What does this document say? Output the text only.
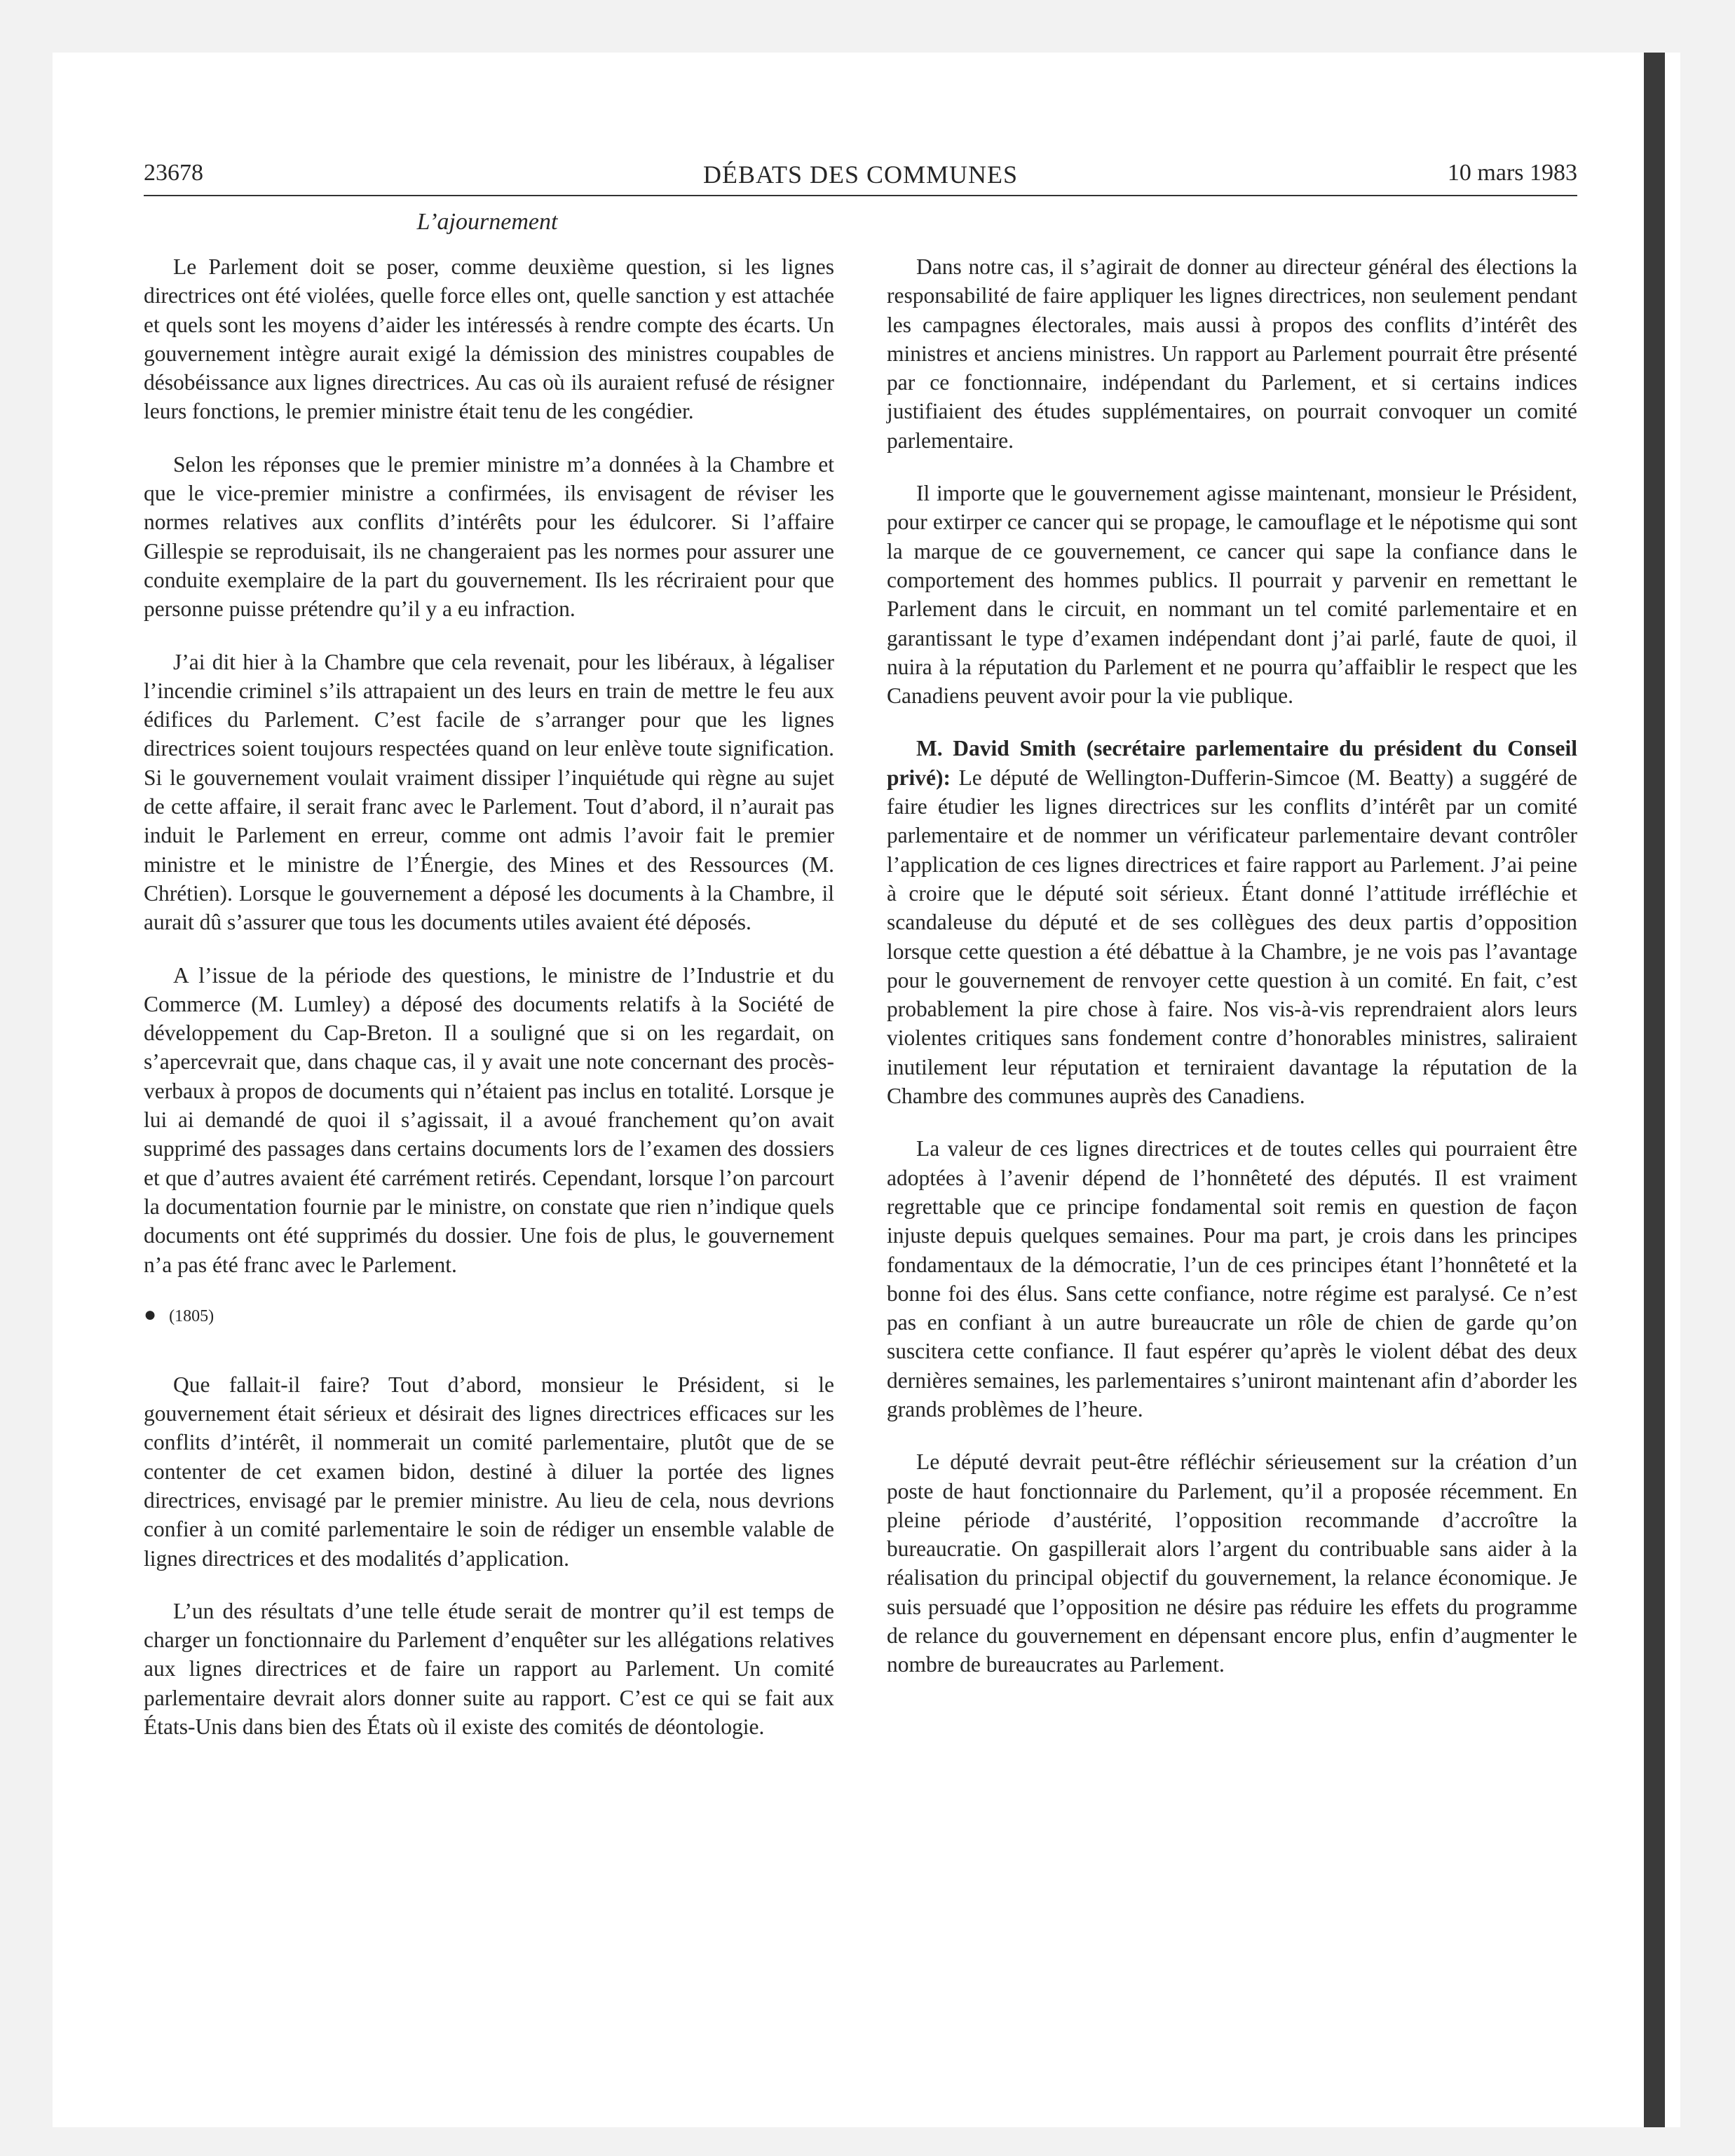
23678	DÉBATS DES COMMUNES	10 mars 1983
L’ajournement

Le Parlement doit se poser, comme deuxième question, si les lignes directrices ont été violées, quelle force elles ont, quelle sanction y est attachée et quels sont les moyens d’aider les intéressés à rendre compte des écarts. Un gouvernement intègre aurait exigé la démission des ministres coupables de désobéissance aux lignes directrices. Au cas où ils auraient refusé de résigner leurs fonctions, le premier ministre était tenu de les congédier.

Selon les réponses que le premier ministre m’a données à la Chambre et que le vice-premier ministre a confirmées, ils envisagent de réviser les normes relatives aux conflits d’intérêts pour les édulcorer. Si l’affaire Gillespie se reproduisait, ils ne changeraient pas les normes pour assurer une conduite exemplaire de la part du gouvernement. Ils les récriraient pour que personne puisse prétendre qu’il y a eu infraction.

J’ai dit hier à la Chambre que cela revenait, pour les libéraux, à légaliser l’incendie criminel s’ils attrapaient un des leurs en train de mettre le feu aux édifices du Parlement. C’est facile de s’arranger pour que les lignes directrices soient toujours respectées quand on leur enlève toute signification. Si le gouvernement voulait vraiment dissiper l’inquiétude qui règne au sujet de cette affaire, il serait franc avec le Parlement. Tout d’abord, il n’aurait pas induit le Parlement en erreur, comme ont admis l’avoir fait le premier ministre et le ministre de l’Énergie, des Mines et des Ressources (M. Chrétien). Lorsque le gouvernement a déposé les documents à la Chambre, il aurait dû s’assurer que tous les documents utiles avaient été déposés.

A l’issue de la période des questions, le ministre de l’Industrie et du Commerce (M. Lumley) a déposé des documents relatifs à la Société de développement du Cap-Breton. Il a souligné que si on les regardait, on s’apercevrait que, dans chaque cas, il y avait une note concernant des procès-verbaux à propos de documents qui n’étaient pas inclus en totalité. Lorsque je lui ai demandé de quoi il s’agissait, il a avoué franchement qu’on avait supprimé des passages dans certains documents lors de l’examen des dossiers et que d’autres avaient été carrément retirés. Cependant, lorsque l’on parcourt la documentation fournie par le ministre, on constate que rien n’indique quels documents ont été supprimés du dossier. Une fois de plus, le gouvernement n’a pas été franc avec le Parlement.

● (1805)

Que fallait-il faire? Tout d’abord, monsieur le Président, si le gouvernement était sérieux et désirait des lignes directrices efficaces sur les conflits d’intérêt, il nommerait un comité parlementaire, plutôt que de se contenter de cet examen bidon, destiné à diluer la portée des lignes directrices, envisagé par le premier ministre. Au lieu de cela, nous devrions confier à un comité parlementaire le soin de rédiger un ensemble valable de lignes directrices et des modalités d’application.

L’un des résultats d’une telle étude serait de montrer qu’il est temps de charger un fonctionnaire du Parlement d’enquêter sur les allégations relatives aux lignes directrices et de faire un rapport au Parlement. Un comité parlementaire devrait alors donner suite au rapport. C’est ce qui se fait aux États-Unis dans bien des États où il existe des comités de déontologie.

Dans notre cas, il s’agirait de donner au directeur général des élections la responsabilité de faire appliquer les lignes directrices, non seulement pendant les campagnes électorales, mais aussi à propos des conflits d’intérêt des ministres et anciens ministres. Un rapport au Parlement pourrait être présenté par ce fonctionnaire, indépendant du Parlement, et si certains indices justifiaient des études supplémentaires, on pourrait convoquer un comité parlementaire.

Il importe que le gouvernement agisse maintenant, monsieur le Président, pour extirper ce cancer qui se propage, le camouflage et le népotisme qui sont la marque de ce gouvernement, ce cancer qui sape la confiance dans le comportement des hommes publics. Il pourrait y parvenir en remettant le Parlement dans le circuit, en nommant un tel comité parlementaire et en garantissant le type d’examen indépendant dont j’ai parlé, faute de quoi, il nuira à la réputation du Parlement et ne pourra qu’affaiblir le respect que les Canadiens peuvent avoir pour la vie publique.

M. David Smith (secrétaire parlementaire du président du Conseil privé): Le député de Wellington-Dufferin-Simcoe (M. Beatty) a suggéré de faire étudier les lignes directrices sur les conflits d’intérêt par un comité parlementaire et de nommer un vérificateur parlementaire devant contrôler l’application de ces lignes directrices et faire rapport au Parlement. J’ai peine à croire que le député soit sérieux. Étant donné l’attitude irréfléchie et scandaleuse du député et de ses collègues des deux partis d’opposition lorsque cette question a été débattue à la Chambre, je ne vois pas l’avantage pour le gouvernement de renvoyer cette question à un comité. En fait, c’est probablement la pire chose à faire. Nos vis-à-vis reprendraient alors leurs violentes critiques sans fondement contre d’honorables ministres, saliraient inutilement leur réputation et terniraient davantage la réputation de la Chambre des communes auprès des Canadiens.

La valeur de ces lignes directrices et de toutes celles qui pourraient être adoptées à l’avenir dépend de l’honnêteté des députés. Il est vraiment regrettable que ce principe fondamental soit remis en question de façon injuste depuis quelques semaines. Pour ma part, je crois dans les principes fondamentaux de la démocratie, l’un de ces principes étant l’honnêteté et la bonne foi des élus. Sans cette confiance, notre régime est paralysé. Ce n’est pas en confiant à un autre bureaucrate un rôle de chien de garde qu’on suscitera cette confiance. Il faut espérer qu’après le violent débat des deux dernières semaines, les parlementaires s’uniront maintenant afin d’aborder les grands problèmes de l’heure.

Le député devrait peut-être réfléchir sérieusement sur la création d’un poste de haut fonctionnaire du Parlement, qu’il a proposée récemment. En pleine période d’austérité, l’opposition recommande d’accroître la bureaucratie. On gaspillerait alors l’argent du contribuable sans aider à la réalisation du principal objectif du gouvernement, la relance économique. Je suis persuadé que l’opposition ne désire pas réduire les effets du programme de relance du gouvernement en dépensant encore plus, enfin d’augmenter le nombre de bureaucrates au Parlement.
